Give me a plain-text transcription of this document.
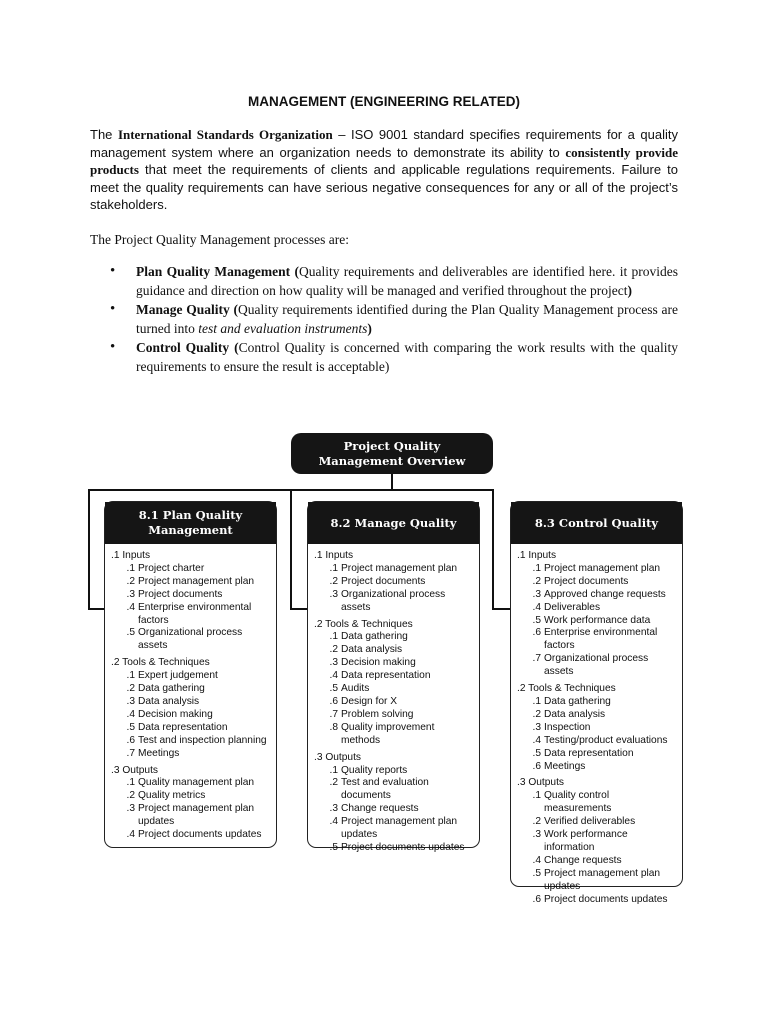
MANAGEMENT (ENGINEERING RELATED)

The International Standards Organization – ISO 9001 standard specifies requirements for a quality management system where an organization needs to demonstrate its ability to consistently provide products that meet the requirements of clients and applicable regulations requirements. Failure to meet the quality requirements can have serious negative consequences for any or all of the project’s stakeholders.

The Project Quality Management processes are:

• Plan Quality Management (Quality requirements and deliverables are identified here. it provides guidance and direction on how quality will be managed and verified throughout the project)
• Manage Quality (Quality requirements identified during the Plan Quality Management process are turned into test and evaluation instruments)
• Control Quality (Control Quality is concerned with comparing the work results with the quality requirements to ensure the result is acceptable)
Project Quality
Management Overview
8.1 Plan Quality
Management
.1 Inputs
.1 Project charter
.2 Project management plan
.3 Project documents
.4 Enterprise environmental factors
.5 Organizational process assets
.2 Tools & Techniques
.1 Expert judgement
.2 Data gathering
.3 Data analysis
.4 Decision making
.5 Data representation
.6 Test and inspection planning
.7 Meetings
.3 Outputs
.1 Quality management plan
.2 Quality metrics
.3 Project management plan updates
.4 Project documents updates
8.2 Manage Quality
.1 Inputs
.1 Project management plan
.2 Project documents
.3 Organizational process assets
.2 Tools & Techniques
.1 Data gathering
.2 Data analysis
.3 Decision making
.4 Data representation
.5 Audits
.6 Design for X
.7 Problem solving
.8 Quality improvement methods
.3 Outputs
.1 Quality reports
.2 Test and evaluation documents
.3 Change requests
.4 Project management plan updates
.5 Project documents updates
8.3 Control Quality
.1 Inputs
.1 Project management plan
.2 Project documents
.3 Approved change requests
.4 Deliverables
.5 Work performance data
.6 Enterprise environmental factors
.7 Organizational process assets
.2 Tools & Techniques
.1 Data gathering
.2 Data analysis
.3 Inspection
.4 Testing/product evaluations
.5 Data representation
.6 Meetings
.3 Outputs
.1 Quality control measurements
.2 Verified deliverables
.3 Work performance information
.4 Change requests
.5 Project management plan updates
.6 Project documents updates
